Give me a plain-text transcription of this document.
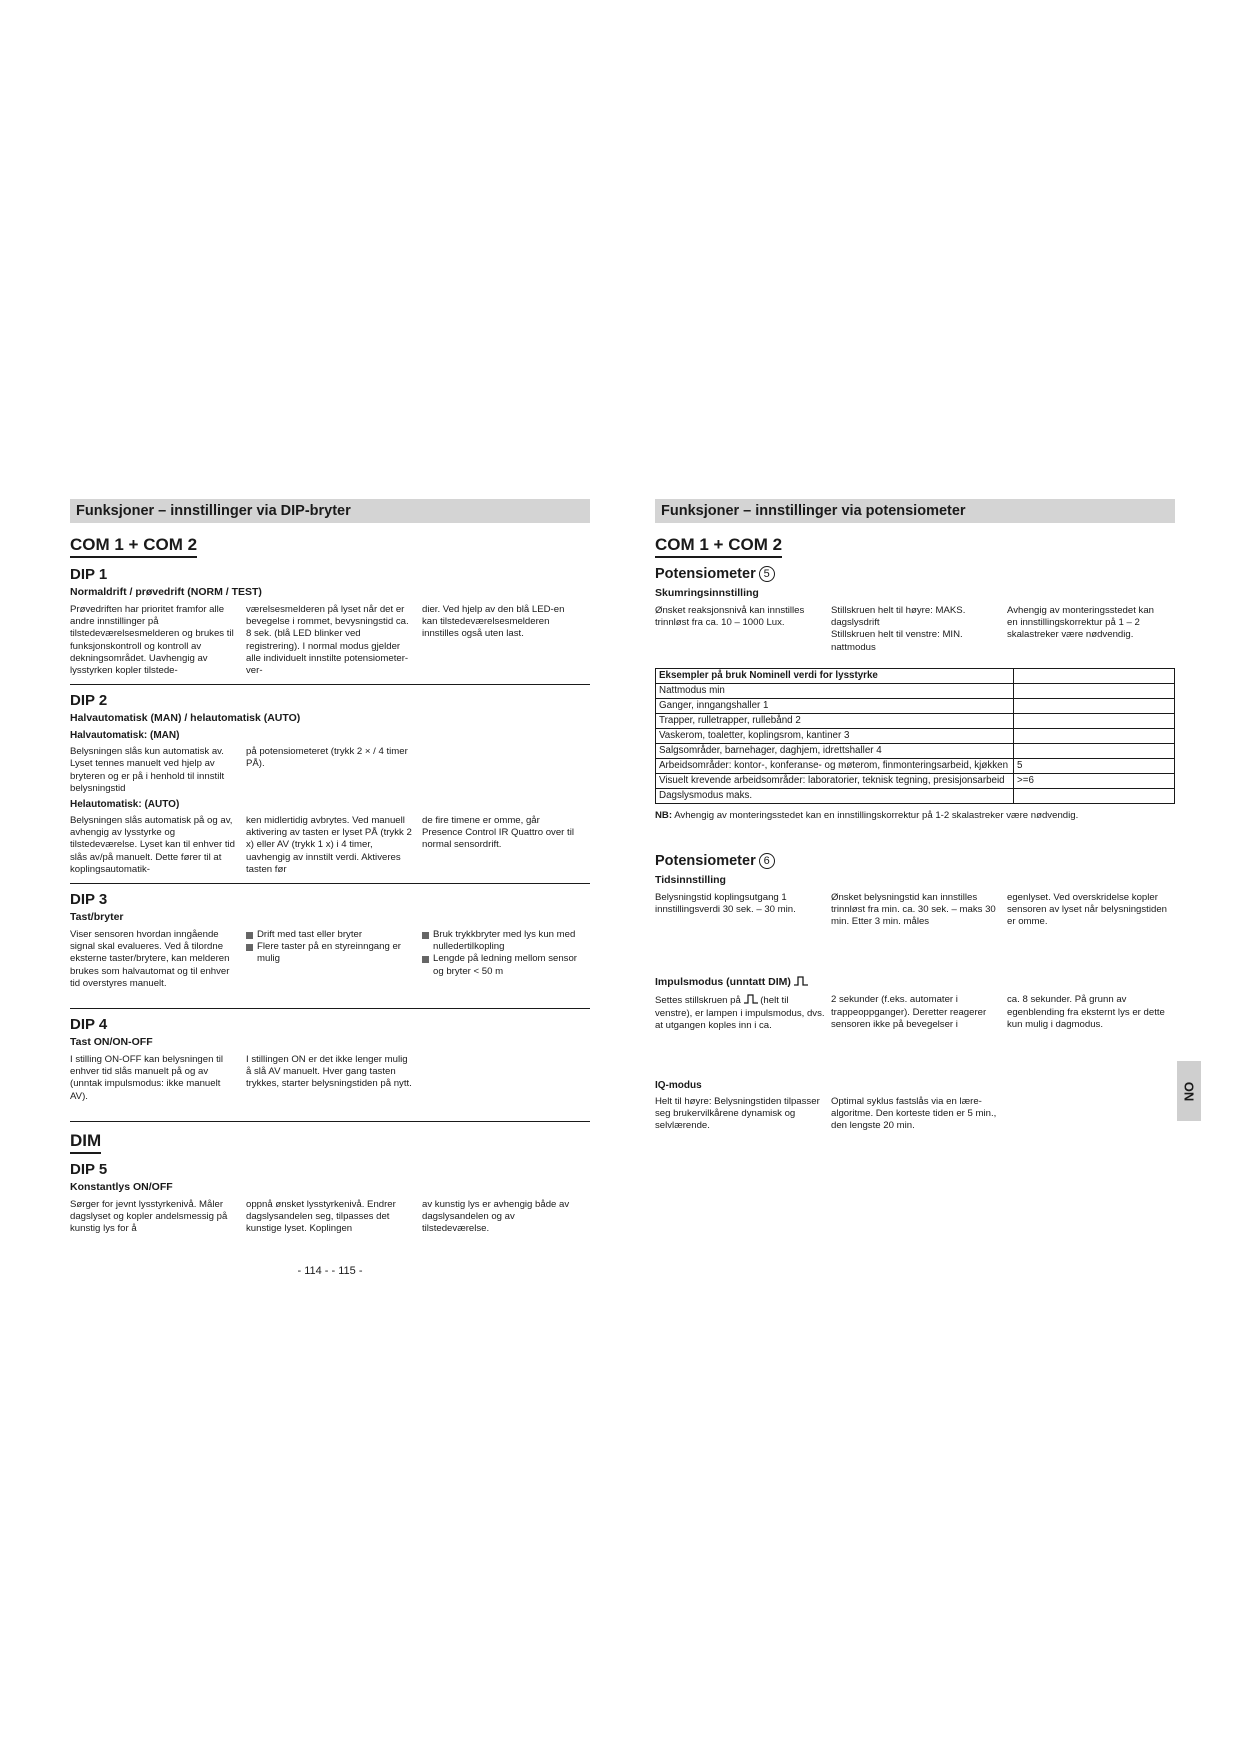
Funksjoner – innstillinger via DIP-bryter
COM 1 + COM 2
DIP 1
Normaldrift / prøvedrift (NORM / TEST)
Prøvedriften har prioritet framfor alle andre innstillinger på tilstedeværelsesmelderen og brukes til funksjonskontroll og kontroll av dekningsområdet. Uavhengig av lysstyrken kopler tilstede-
værelsesmelderen på lyset når det er bevegelse i rommet, bevysningstid ca. 8 sek. (blå LED blinker ved registrering). I normal modus gjelder alle individuelt innstilte potensiometer-ver-
dier. Ved hjelp av den blå LED-en kan tilstedeværelsesmelderen innstilles også uten last.
DIP 2
Halvautomatisk (MAN) / helautomatisk (AUTO)
Halvautomatisk: (MAN)
Belysningen slås kun automatisk av. Lyset tennes manuelt ved hjelp av bryteren og er på i henhold til innstilt belysningstid
på potensiometeret (trykk 2 × / 4 timer PÅ).
Helautomatisk: (AUTO)
Belysningen slås automatisk på og av, avhengig av lysstyrke og tilstedeværelse. Lyset kan til enhver tid slås av/på manuelt. Dette fører til at koplingsautomatik-
ken midlertidig avbrytes. Ved manuell aktivering av tasten er lyset PÅ (trykk 2 x) eller AV (trykk 1 x) i 4 timer, uavhengig av innstilt verdi. Aktiveres tasten før
de fire timene er omme, går Presence Control IR Quattro over til normal sensordrift.
DIP 3
Tast/bryter
Viser sensoren hvordan inngående signal skal evalueres. Ved å tilordne eksterne taster/brytere, kan melderen brukes som halvautomat og til enhver tid overstyres manuelt.
Drift med tast eller bryter
Flere taster på en styreinngang er mulig
Bruk trykkbryter med lys kun med nulledertilkopling
Lengde på ledning mellom sensor og bryter < 50 m
DIP 4
Tast ON/ON-OFF
I stilling ON-OFF kan belysningen til enhver tid slås manuelt på og av (unntak impulsmodus: ikke manuelt AV).
I stillingen ON er det ikke lenger mulig å slå AV manuelt. Hver gang tasten trykkes, starter belysningstiden på nytt.
DIM
DIP 5
Konstantlys ON/OFF
Sørger for jevnt lysstyrkenivå. Måler dagslyset og kopler andelsmessig på kunstig lys for å
oppnå ønsket lysstyrkenivå. Endrer dagslysandelen seg, tilpasses det kunstige lyset. Koplingen
av kunstig lys er avhengig både av dagslysandelen og av tilstedeværelse.
Funksjoner – innstillinger via potensiometer
COM 1 + COM 2
Potensiometer 5
Skumringsinnstilling
Ønsket reaksjonsnivå kan innstilles trinnløst fra ca. 10 – 1000 Lux.

Stillskruen helt til høyre: MAKS. dagslysdrift

Stillskruen helt til venstre: MIN. nattmodus

Avhengig av monteringsstedet kan en innstillingskorrektur på 1 – 2 skalastreker være nødvendig.
Eksempler på bruk Nominell verdi for lysstyrke	
Nattmodus min	
Ganger, inngangshaller 1	
Trapper, rulletrapper, rullebånd 2	
Vaskerom, toaletter, koplingsrom, kantiner 3	
Salgsområder, barnehager, daghjem, idrettshaller 4	
Arbeidsområder: kontor-, konferanse- og møterom, finmonteringsarbeid, kjøkken	5
Visuelt krevende arbeidsområder: laboratorier, teknisk tegning, presisjonsarbeid	>=6
Dagslysmodus maks.	
NB: Avhengig av monteringsstedet kan en innstillingskorrektur på 1-2 skalastreker være nødvendig.
Potensiometer 6
Tidsinnstilling
Belysningstid koplingsutgang 1 innstillingsverdi 30 sek. – 30 min.
Ønsket belysningstid kan innstilles trinnløst fra min. ca. 30 sek. – maks 30 min. Etter 3 min. måles
egenlyset. Ved overskridelse kopler sensoren av lyset når belysningstiden er omme.
Impulsmodus (unntatt DIM)
Settes stillskruen på (helt til venstre), er lampen i impulsmodus, dvs. at utgangen koples inn i ca.
2 sekunder (f.eks. automater i trappeoppganger). Deretter reagerer sensoren ikke på bevegelser i
ca. 8 sekunder. På grunn av egenblending fra eksternt lys er dette kun mulig i dagmodus.
IQ-modus
Helt til høyre: Belysningstiden tilpasser seg brukervilkårene dynamisk og selvlærende.
Optimal syklus fastslås via en lære-algoritme. Den korteste tiden er 5 min., den lengste 20 min.
NO
- 114 - - 115 -
